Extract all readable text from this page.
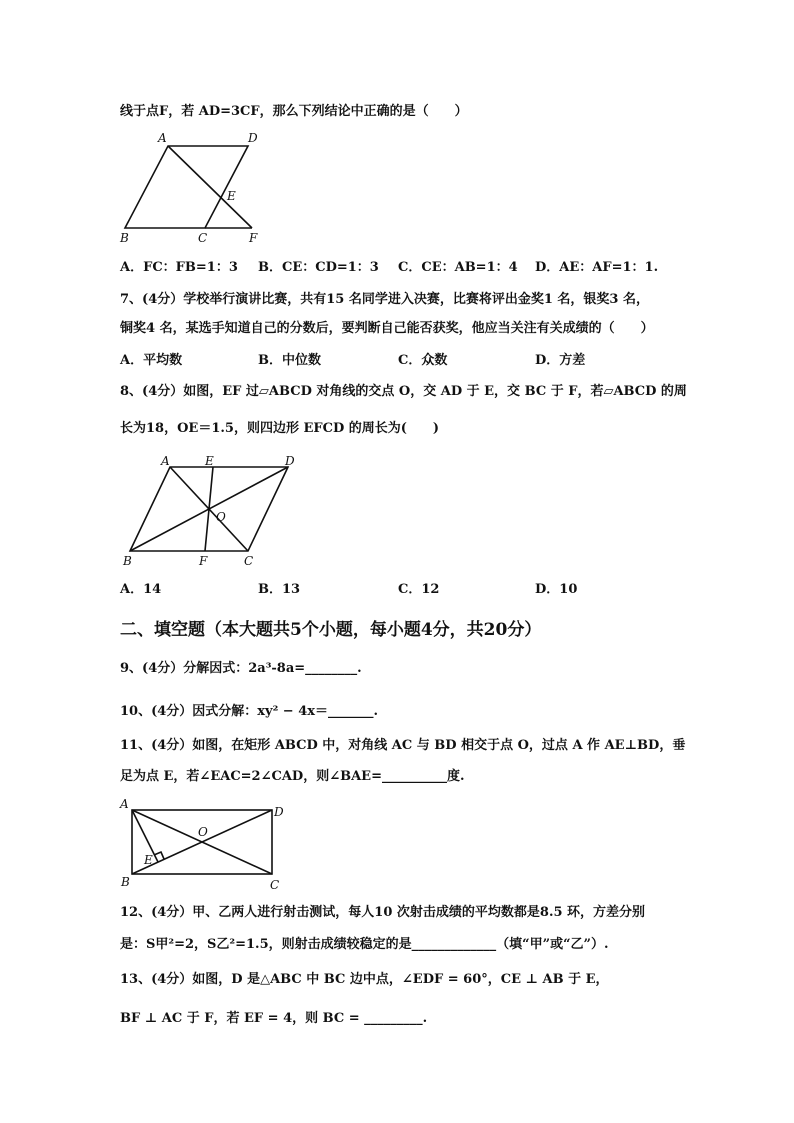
线于点F，若 AD=3CF，那么下列结论中正确的是（　　）
A	D
E
B	C	F
A．FC：FB=1：3 B．CE：CD=1：3 C．CE：AB=1：4 D．AE：AF=1：1.
7、(4分）学校举行演讲比赛，共有15 名同学进入决赛，比赛将评出金奖1 名，银奖3 名，
铜奖4 名，某选手知道自己的分数后，要判断自己能否获奖，他应当关注有关成绩的（　　）
A．平均数	B．中位数	C．众数	D．方差
8、(4分）如图，EF 过▱ABCD 对角线的交点 O，交 AD 于 E，交 BC 于 F，若▱ABCD 的周
长为18，OE＝1.5，则四边形 EFCD 的周长为(　　)
A	E	D
O
B	F	C
A．14	B．13	C．12	D．10
二、填空题（本大题共5个小题，每小题4分，共20分）
9、(4分）分解因式：2a³-8a=________.
10、(4分）因式分解：xy² − 4x＝_______.
11、(4分）如图，在矩形 ABCD 中，对角线 AC 与 BD 相交于点 O，过点 A 作 AE⊥BD，垂
足为点 E，若∠EAC=2∠CAD，则∠BAE=__________度.
A
D
O
E
B	C
12、(4分）甲、乙两人进行射击测试，每人10 次射击成绩的平均数都是8.5 环，方差分别
是：S甲²=2，S乙²=1.5，则射击成绩较稳定的是_____________（填“甲”或“乙”）.
13、(4分）如图，D 是△ABC 中 BC 边中点，∠EDF = 60°，CE ⊥ AB 于 E，
BF ⊥ AC 于 F，若 EF = 4，则 BC = _________.
